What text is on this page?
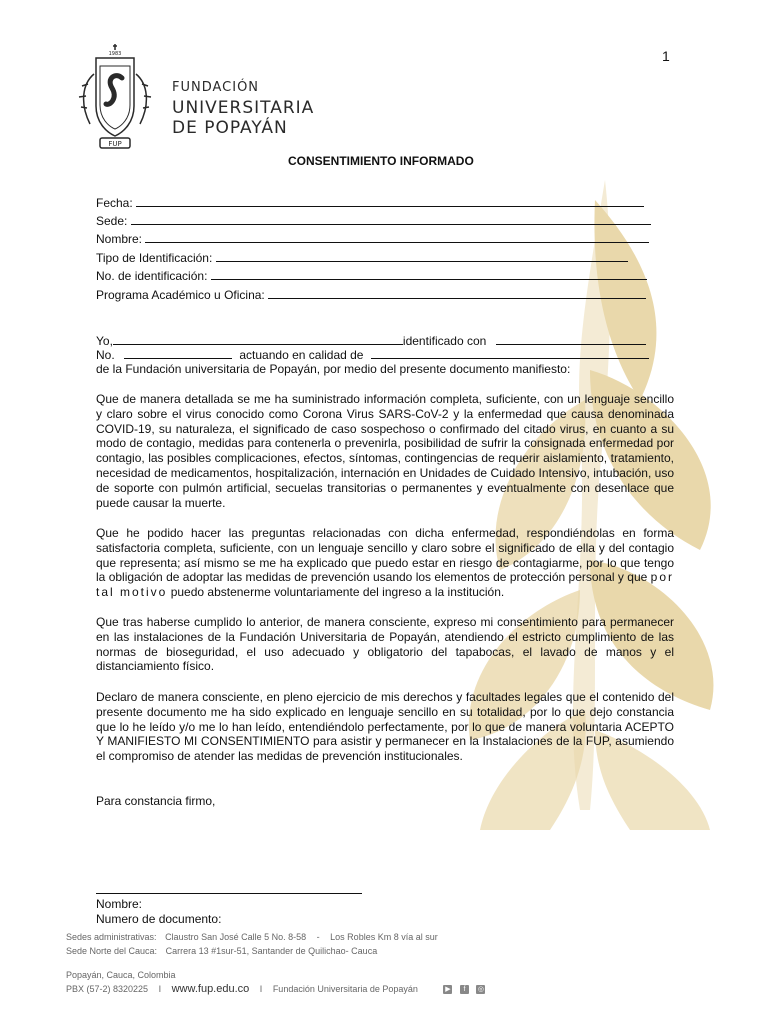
1
1983
FUP
FUNDACIÓN
UNIVERSITARIA
DE POPAYÁN
CONSENTIMIENTO INFORMADO
Fecha:
Sede:
Nombre:
Tipo de Identificación:
No. de identificación:
Programa Académico u Oficina:
Yo,	identificado con
No.	actuando en calidad de
de la Fundación universitaria de Popayán, por medio del presente documento manifiesto:

Que de manera detallada se me ha suministrado información completa, suficiente, con un lenguaje sencillo y claro sobre el virus conocido como Corona Virus SARS-CoV-2 y la enfermedad que causa denominada COVID-19, su naturaleza, el significado de caso sospechoso o confirmado del citado virus, en cuanto a su modo de contagio, medidas para contenerla o prevenirla, posibilidad de sufrir la consignada enfermedad por contagio, las posibles complicaciones, efectos, síntomas, contingencias de requerir aislamiento, tratamiento, necesidad de medicamentos, hospitalización, internación en Unidades de Cuidado Intensivo, intubación, uso de soporte con pulmón artificial, secuelas transitorias o permanentes y eventualmente con desenlace que puede causar la muerte.

Que he podido hacer las preguntas relacionadas con dicha enfermedad, respondiéndolas en forma satisfactoria completa, suficiente, con un lenguaje sencillo y claro sobre el significado de ella y del contagio que representa; así mismo se me ha explicado que puedo estar en riesgo de contagiarme, por lo que tengo la obligación de adoptar las medidas de prevención usando los elementos de protección personal y que por tal motivo puedo abstenerme voluntariamente del ingreso a la institución.

Que tras haberse cumplido lo anterior, de manera consciente, expreso mi consentimiento para permanecer en las instalaciones de la Fundación Universitaria de Popayán, atendiendo el estricto cumplimiento de las normas de bioseguridad, el uso adecuado y obligatorio del tapabocas, el lavado de manos y el distanciamiento físico.

Declaro de manera consciente, en pleno ejercicio de mis derechos y facultades legales que el contenido del presente documento me ha sido explicado en lenguaje sencillo en su totalidad, por lo que dejo constancia que lo he leído y/o me lo han leído, entendiéndolo perfectamente, por lo que de manera voluntaria ACEPTO Y MANIFIESTO MI CONSENTIMIENTO para asistir y permanecer en la Instalaciones de la FUP, asumiendo el compromiso de atender las medidas de prevención institucionales.

Para constancia firmo,

Nombre:
Numero de documento:
Sedes administrativas: Claustro San José Calle 5 No. 8-58 - Los Robles Km 8 vía al sur
Sede Norte del Cauca: Carrera 13 #1sur-51, Santander de Quilichao- Cauca
Popayán, Cauca, Colombia
PBX (57-2) 8320225 I www.fup.edu.co I Fundación Universitaria de Popayán	▶ f ◎
